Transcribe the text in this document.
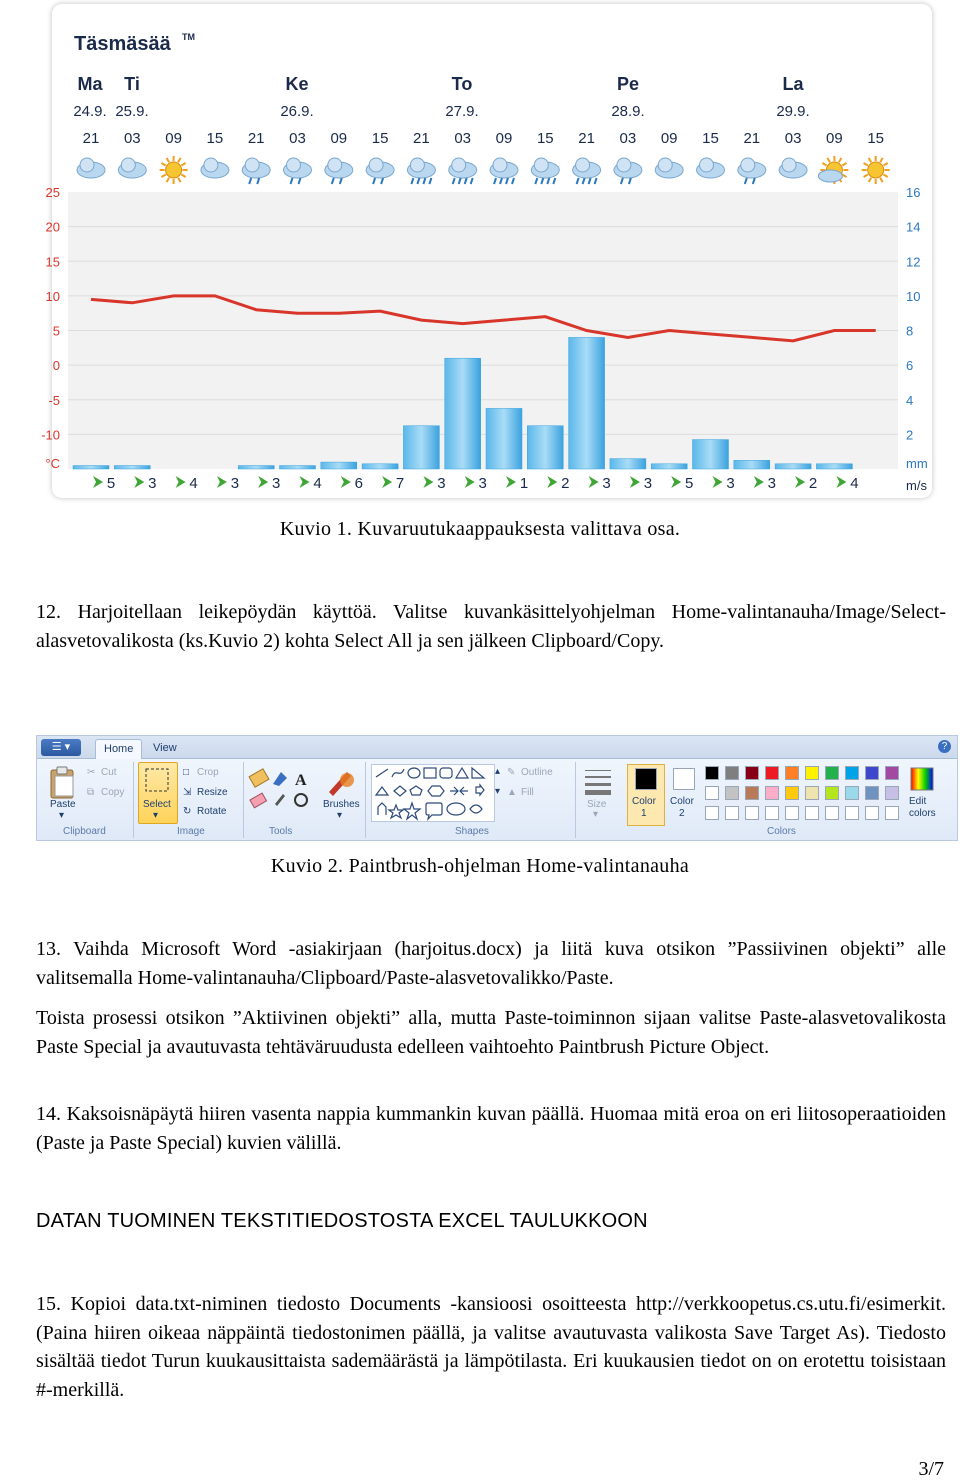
Täsmäsää TM
Ma
24.9.
Ti
25.9.
Ke
26.9.
To
27.9.
Pe
28.9.
La
29.9.
21 03 09 15 21 03 09 15 21 03 09 15 21 03 09 15 21 03 09 15
25
20
15
10
5
0
-5
-10
°C
16
14
12
10
8
6
4
2
mm
5 3 4 3 3 4 6 7 3 3 1 2 3 3 5 3 3 2 4	m/s
Kuvio 1. Kuvaruutukaappauksesta valittava osa.
12. Harjoitellaan leikepöydän käyttöä. Valitse kuvankäsittelyohjelman Home-valintanauha/Image/Select-alasvetovalikosta (ks.Kuvio 2) kohta Select All ja sen jälkeen Clipboard/Copy.
☰ ▾	Home	View	?
Paste
▾
✂ Cut
⧉ Copy
Clipboard
Select
▾
□ Crop
⇲ Resize
↻ Rotate
Image
A
Tools
Brushes
▾
▴
▾
✎ Outline
▲ Fill
Shapes
Size
▾
Color
1
Color
2
Edit colors
Colors
Kuvio 2. Paintbrush-ohjelman Home-valintanauha
13. Vaihda Microsoft Word -asiakirjaan (harjoitus.docx) ja liitä kuva otsikon ”Passiivinen objekti” alle valitsemalla Home-valintanauha/Clipboard/Paste-alasvetovalikko/Paste.
Toista prosessi otsikon ”Aktiivinen objekti” alla, mutta Paste-toiminnon sijaan valitse Paste-alasvetovalikosta Paste Special ja avautuvasta tehtäväruudusta edelleen vaihtoehto Paintbrush Picture Object.
14. Kaksoisnäpäytä hiiren vasenta nappia kummankin kuvan päällä. Huomaa mitä eroa on eri liitosoperaatioiden (Paste ja Paste Special) kuvien välillä.
DATAN TUOMINEN TEKSTITIEDOSTOSTA EXCEL TAULUKKOON
15. Kopioi data.txt-niminen tiedosto Documents -kansioosi osoitteesta http://verkkoopetus.cs.utu.fi/esimerkit. (Paina hiiren oikeaa näppäintä tiedostonimen päällä, ja valitse avautuvasta valikosta Save Target As). Tiedosto sisältää tiedot Turun kuukausittaista sademäärästä ja lämpötilasta. Eri kuukausien tiedot on on erotettu toisistaan #-merkillä.
3/7
